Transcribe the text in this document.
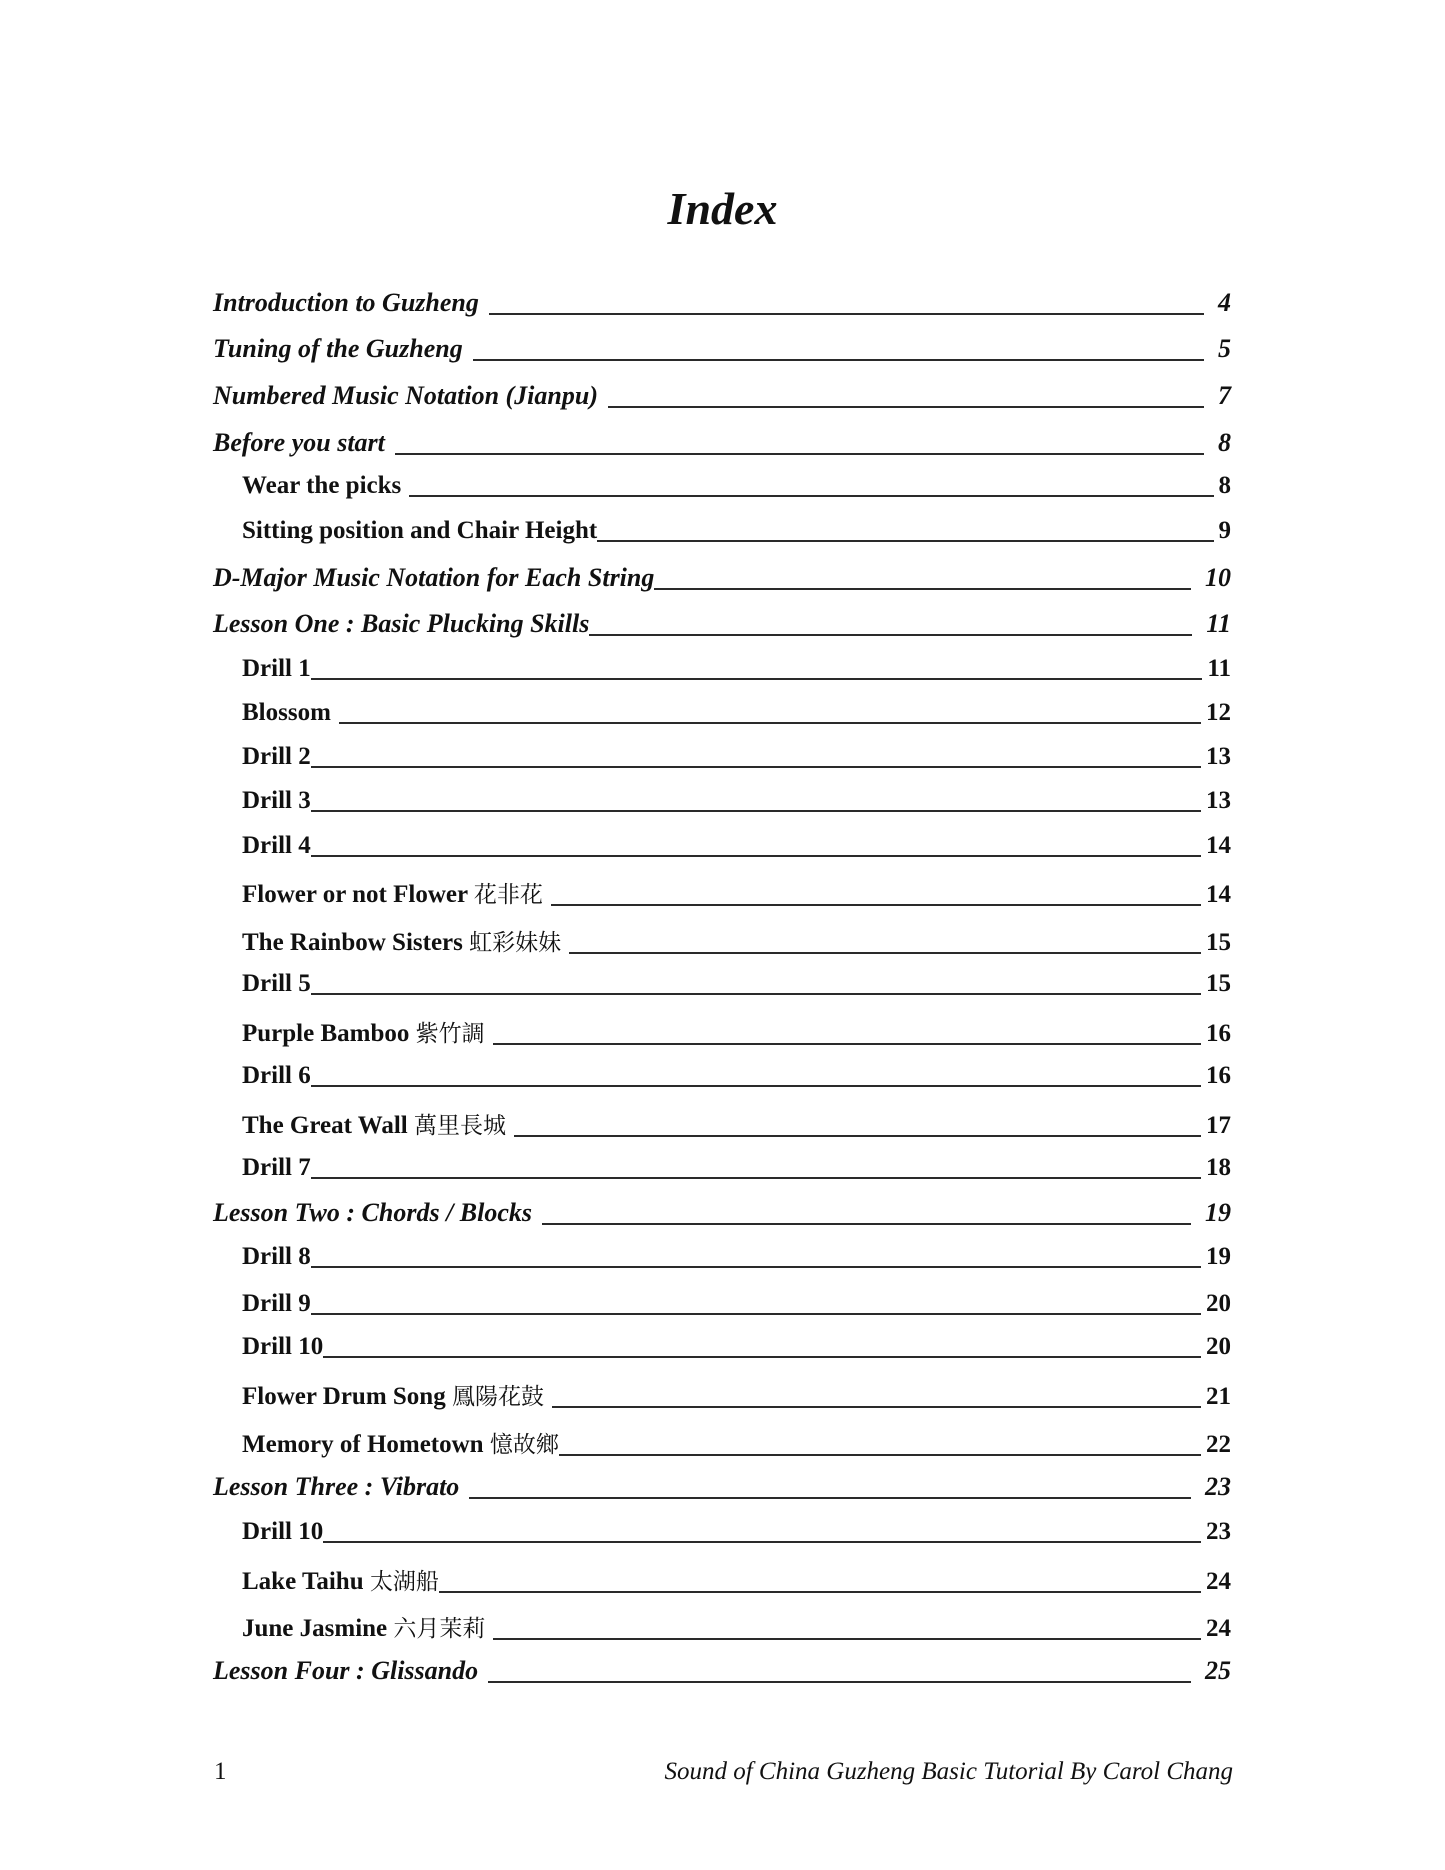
Index
Introduction to Guzheng	4
Tuning of the Guzheng	5
Numbered Music Notation (Jianpu)	7
Before you start	8
Wear the picks	8
Sitting position and Chair Height	9
D-Major Music Notation for Each String	10
Lesson One : Basic Plucking Skills	11
Drill 1	11
Blossom	12
Drill 2	13
Drill 3	13
Drill 4	14
Flower or not Flower 花非花	14
The Rainbow Sisters 虹彩妹妹	15
Drill 5	15
Purple Bamboo 紫竹調	16
Drill 6	16
The Great Wall 萬里長城	17
Drill 7	18
Lesson Two : Chords / Blocks	19
Drill 8	19
Drill 9	20
Drill 10	20
Flower Drum Song 鳳陽花鼓	21
Memory of Hometown 憶故鄉	22
Lesson Three : Vibrato	23
Drill 10	23
Lake Taihu 太湖船	24
June Jasmine 六月茉莉	24
Lesson Four : Glissando	25
1	Sound of China Guzheng Basic Tutorial By Carol Chang
